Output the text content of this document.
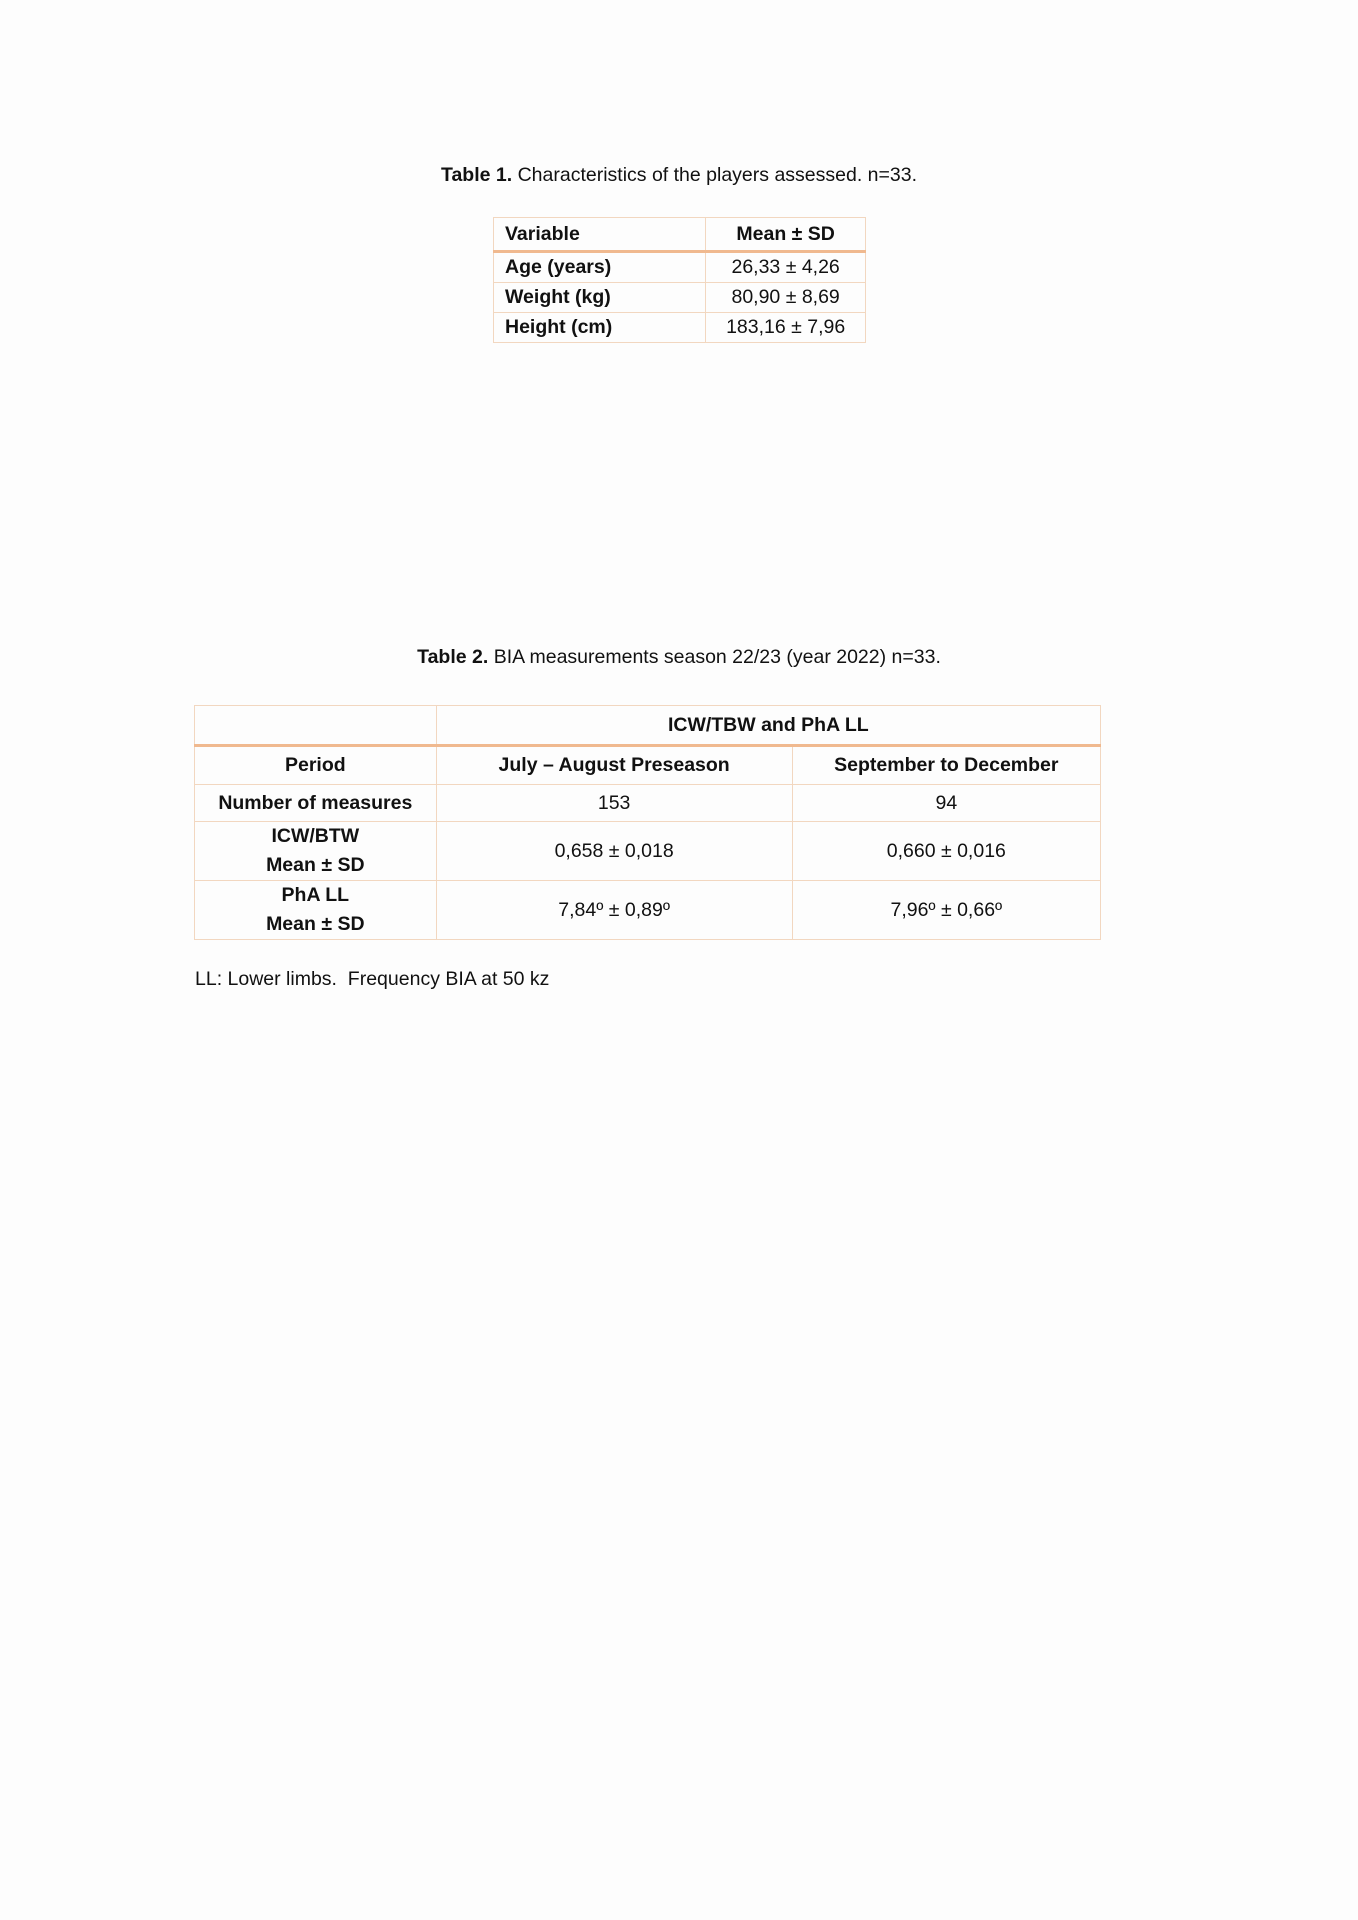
Table 1. Characteristics of the players assessed. n=33.
Variable	Mean ± SD
Age (years)	26,33 ± 4,26
Weight (kg)	80,90 ± 8,69
Height (cm)	183,16 ± 7,96
Table 2. BIA measurements season 22/23 (year 2022) n=33.
	ICW/TBW and PhA LL	
Period	July – August Preseason	September to December
Number of measures	153	94

ICW/BTW
Mean ± SD	0,658 ± 0,018	0,660 ± 0,016

PhA LL
Mean ± SD	7,84º ± 0,89º	7,96º ± 0,66º
LL: Lower limbs.  Frequency BIA at 50 kz
